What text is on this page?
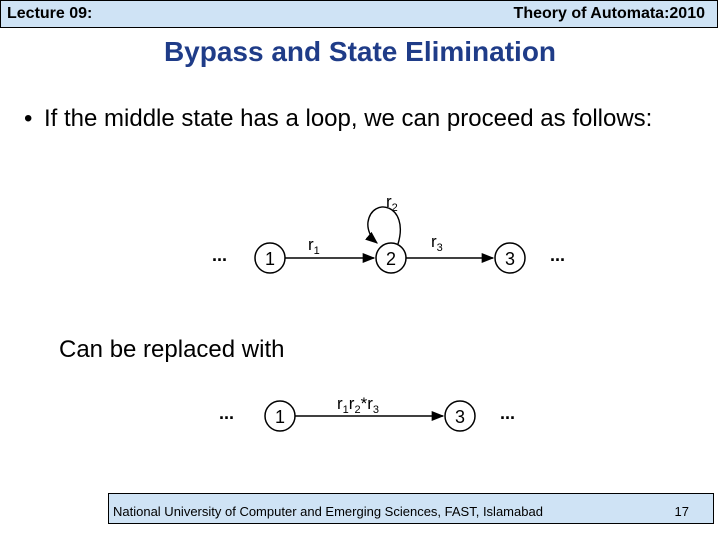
Lecture 09:	Theory of Automata:2010
Bypass and State Elimination
• If the middle state has a loop, we can proceed as follows:
Can be replaced with
... 1	2	3 ...
$r_1$
$r_2$
$r_3$
... 1	3 ...
$r_1r_2*r_3$
National University of Computer and Emerging Sciences, FAST, Islamabad	17
